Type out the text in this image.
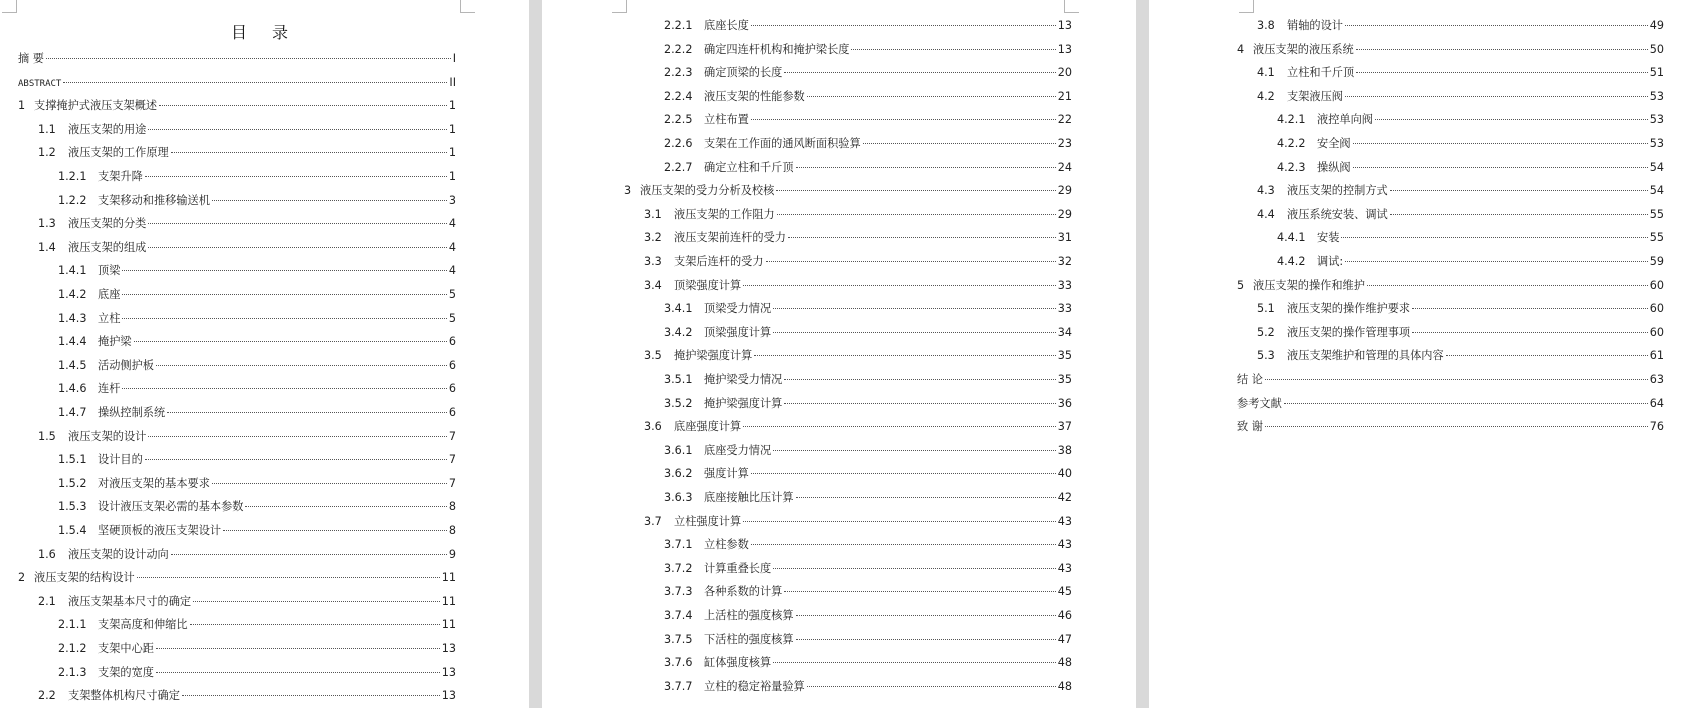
目 录
摘 要	I
ABSTRACT	II
1 支撑掩护式液压支架概述	1
1.1	液压支架的用途	1
1.2	液压支架的工作原理	1
1.2.1	支架升降	1
1.2.2	支架移动和推移输送机	3
1.3	液压支架的分类	4
1.4	液压支架的组成	4
1.4.1	顶梁	4
1.4.2	底座	5
1.4.3	立柱	5
1.4.4	掩护梁	6
1.4.5	活动侧护板	6
1.4.6	连杆	6
1.4.7	操纵控制系统	6
1.5	液压支架的设计	7
1.5.1	设计目的	7
1.5.2	对液压支架的基本要求	7
1.5.3	设计液压支架必需的基本参数	8
1.5.4	坚硬顶板的液压支架设计	8
1.6	液压支架的设计动向	9
2 液压支架的结构设计	11
2.1	液压支架基本尺寸的确定	11
2.1.1	支架高度和伸缩比	11
2.1.2	支架中心距	13
2.1.3	支架的宽度	13
2.2	支架整体机构尺寸确定	13
2.2.1	底座长度	13
2.2.2	确定四连杆机构和掩护梁长度	13
2.2.3	确定顶梁的长度	20
2.2.4	液压支架的性能参数	21
2.2.5	立柱布置	22
2.2.6	支架在工作面的通风断面积验算	23
2.2.7	确定立柱和千斤顶	24
3 液压支架的受力分析及校核	29
3.1	液压支架的工作阻力	29
3.2	液压支架前连杆的受力	31
3.3	支架后连杆的受力	32
3.4	顶梁强度计算	33
3.4.1	顶梁受力情况	33
3.4.2	顶梁强度计算	34
3.5	掩护梁强度计算	35
3.5.1	掩护梁受力情况	35
3.5.2	掩护梁强度计算	36
3.6	底座强度计算	37
3.6.1	底座受力情况	38
3.6.2	强度计算	40
3.6.3	底座接触比压计算	42
3.7	立柱强度计算	43
3.7.1	立柱参数	43
3.7.2	计算重叠长度	43
3.7.3	各种系数的计算	45
3.7.4	上活柱的强度核算	46
3.7.5	下活柱的强度核算	47
3.7.6	缸体强度核算	48
3.7.7	立柱的稳定裕量验算	48
3.8	销轴的设计	49
4 液压支架的液压系统	50
4.1	立柱和千斤顶	51
4.2	支架液压阀	53
4.2.1	液控单向阀	53
4.2.2	安全阀	53
4.2.3	操纵阀	54
4.3	液压支架的控制方式	54
4.4	液压系统安装、调试	55
4.4.1	安装	55
4.4.2	调试:	59
5 液压支架的操作和维护	60
5.1	液压支架的操作维护要求	60
5.2	液压支架的操作管理事项	60
5.3	液压支架维护和管理的具体内容	61
结 论	63
参考文献	64
致 谢	76
